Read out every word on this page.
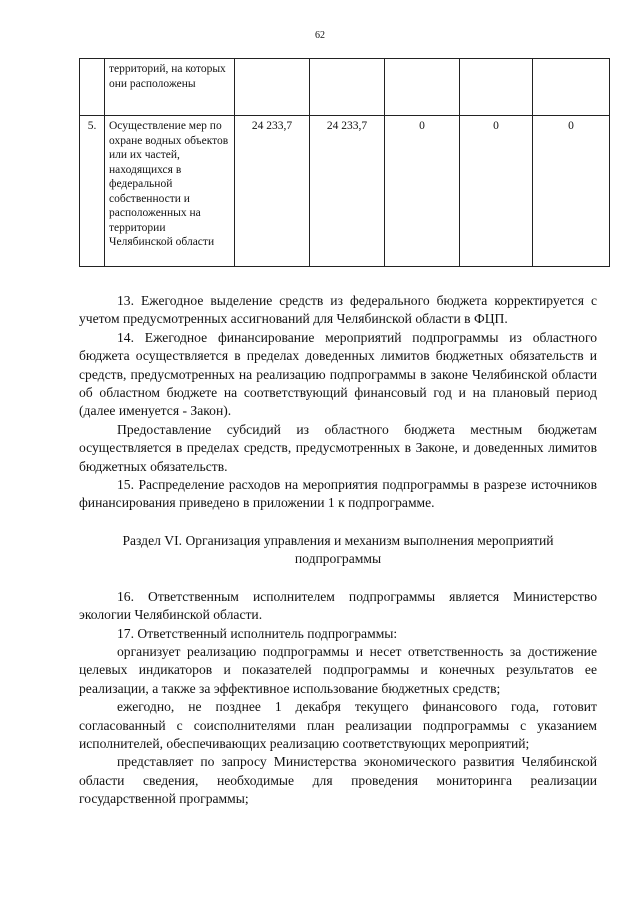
62
	территорий, на которых они расположены					
5.	Осуществление мер по охране водных объектов или их частей, находящихся в федеральной собственности и расположенных на территории Челябинской области	24 233,7	24 233,7	0	0	0

13. Ежегодное выделение средств из федерального бюджета корректируется с учетом предусмотренных ассигнований для Челябинской области в ФЦП.

14. Ежегодное финансирование мероприятий подпрограммы из областного бюджета осуществляется в пределах доведенных лимитов бюджетных обязательств и средств, предусмотренных на реализацию подпрограммы в законе Челябинской области об областном бюджете на соответствующий финансовый год и на плановый период (далее именуется - Закон).

Предоставление субсидий из областного бюджета местным бюджетам осуществляется в пределах средств, предусмотренных в Законе, и доведенных лимитов бюджетных обязательств.

15. Распределение расходов на мероприятия подпрограммы в разрезе источников финансирования приведено в приложении 1 к подпрограмме.

Раздел VI. Организация управления и механизм выполнения мероприятий подпрограммы

16. Ответственным исполнителем подпрограммы является Министерство экологии Челябинской области.

17. Ответственный исполнитель подпрограммы:

организует реализацию подпрограммы и несет ответственность за достижение целевых индикаторов и показателей подпрограммы и конечных результатов ее реализации, а также за эффективное использование бюджетных средств;

ежегодно, не позднее 1 декабря текущего финансового года, готовит согласованный с соисполнителями план реализации подпрограммы с указанием исполнителей, обеспечивающих реализацию соответствующих мероприятий;

представляет по запросу Министерства экономического развития Челябинской области сведения, необходимые для проведения мониторинга реализации государственной программы;
